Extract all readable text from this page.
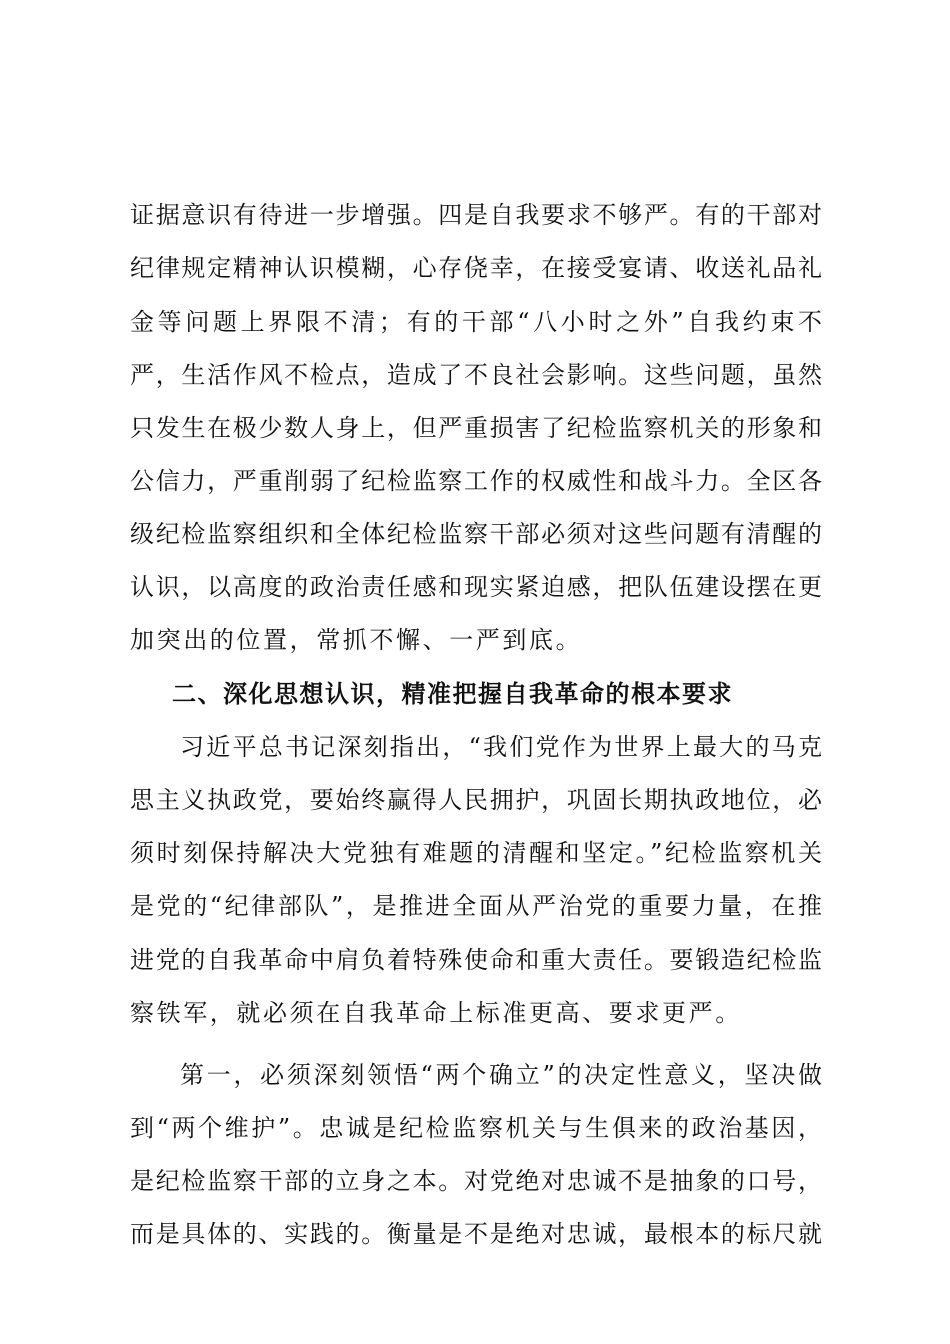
证据意识有待进一步增强。四是自我要求不够严。有的干部对
纪律规定精神认识模糊，心存侥幸，在接受宴请、收送礼品礼
金等问题上界限不清；有的干部“八小时之外”自我约束不
严，生活作风不检点，造成了不良社会影响。这些问题，虽然
只发生在极少数人身上，但严重损害了纪检监察机关的形象和
公信力，严重削弱了纪检监察工作的权威性和战斗力。全区各
级纪检监察组织和全体纪检监察干部必须对这些问题有清醒的
认识，以高度的政治责任感和现实紧迫感，把队伍建设摆在更
加突出的位置，常抓不懈、一严到底。
二、深化思想认识，精准把握自我革命的根本要求
习近平总书记深刻指出，“我们党作为世界上最大的马克
思主义执政党，要始终赢得人民拥护，巩固长期执政地位，必
须时刻保持解决大党独有难题的清醒和坚定。”纪检监察机关
是党的“纪律部队”，是推进全面从严治党的重要力量，在推
进党的自我革命中肩负着特殊使命和重大责任。要锻造纪检监
察铁军，就必须在自我革命上标准更高、要求更严。
第一，必须深刻领悟“两个确立”的决定性意义，坚决做
到“两个维护”。忠诚是纪检监察机关与生俱来的政治基因，
是纪检监察干部的立身之本。对党绝对忠诚不是抽象的口号，
而是具体的、实践的。衡量是不是绝对忠诚，最根本的标尺就
